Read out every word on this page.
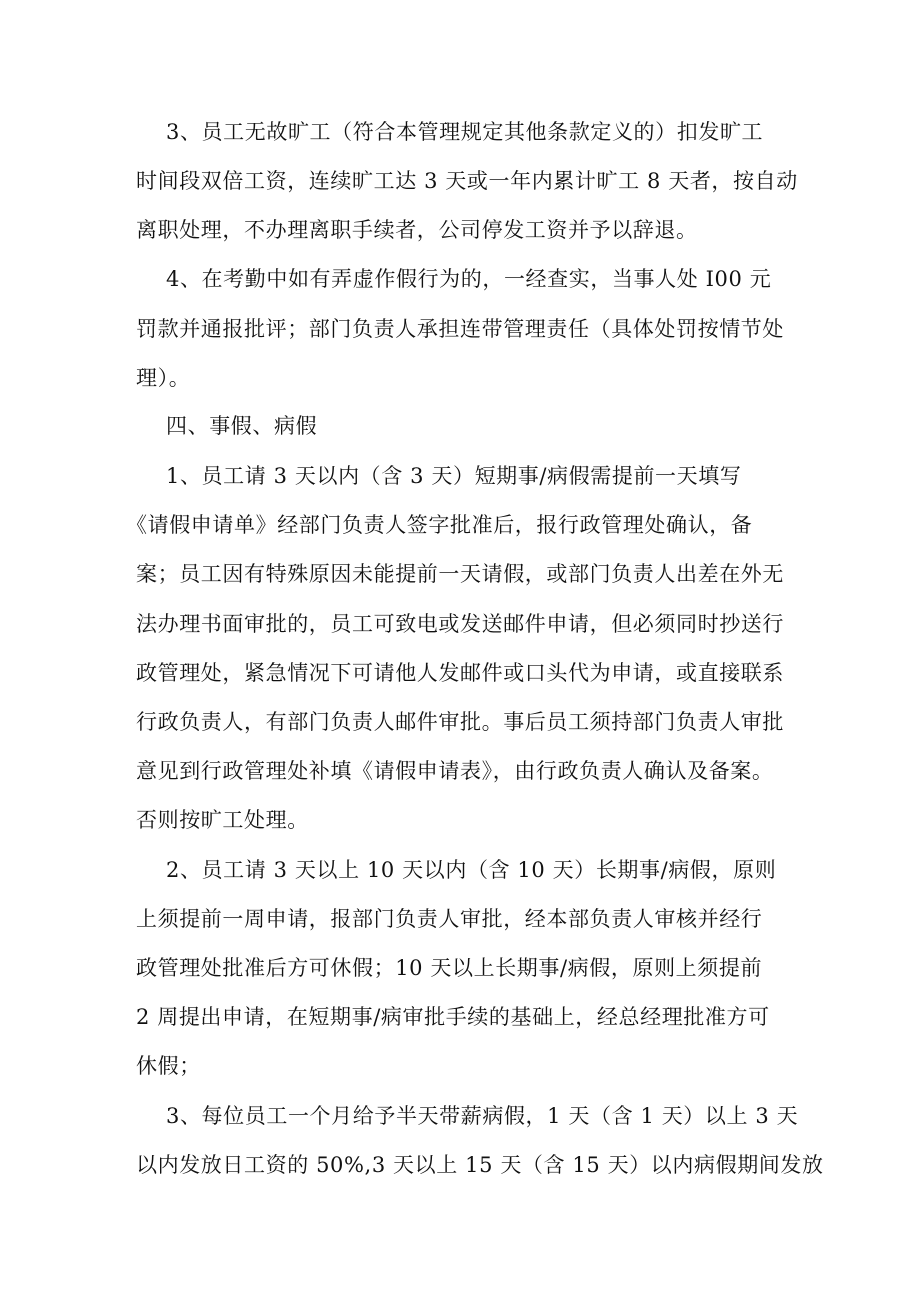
3、员工无故旷工（符合本管理规定其他条款定义的）扣发旷工
时间段双倍工资，连续旷工达 3 天或一年内累计旷工 8 天者，按自动
离职处理，不办理离职手续者，公司停发工资并予以辞退。
4、在考勤中如有弄虚作假行为的，一经查实，当事人处 I00 元
罚款并通报批评；部门负责人承担连带管理责任（具体处罚按情节处
理）。
四、事假、病假
1、员工请 3 天以内（含 3 天）短期事/病假需提前一天填写
《请假申请单》经部门负责人签字批准后，报行政管理处确认，备
案；员工因有特殊原因未能提前一天请假，或部门负责人出差在外无
法办理书面审批的，员工可致电或发送邮件申请，但必须同时抄送行
政管理处，紧急情况下可请他人发邮件或口头代为申请，或直接联系
行政负责人，有部门负责人邮件审批。事后员工须持部门负责人审批
意见到行政管理处补填《请假申请表》，由行政负责人确认及备案。
否则按旷工处理。
2、员工请 3 天以上 10 天以内（含 10 天）长期事/病假，原则
上须提前一周申请，报部门负责人审批，经本部负责人审核并经行
政管理处批准后方可休假；10 天以上长期事/病假，原则上须提前
2 周提出申请，在短期事/病审批手续的基础上，经总经理批准方可
休假；
3、每位员工一个月给予半天带薪病假，1 天（含 1 天）以上 3 天
以内发放日工资的 50%,3 天以上 15 天（含 15 天）以内病假期间发放
